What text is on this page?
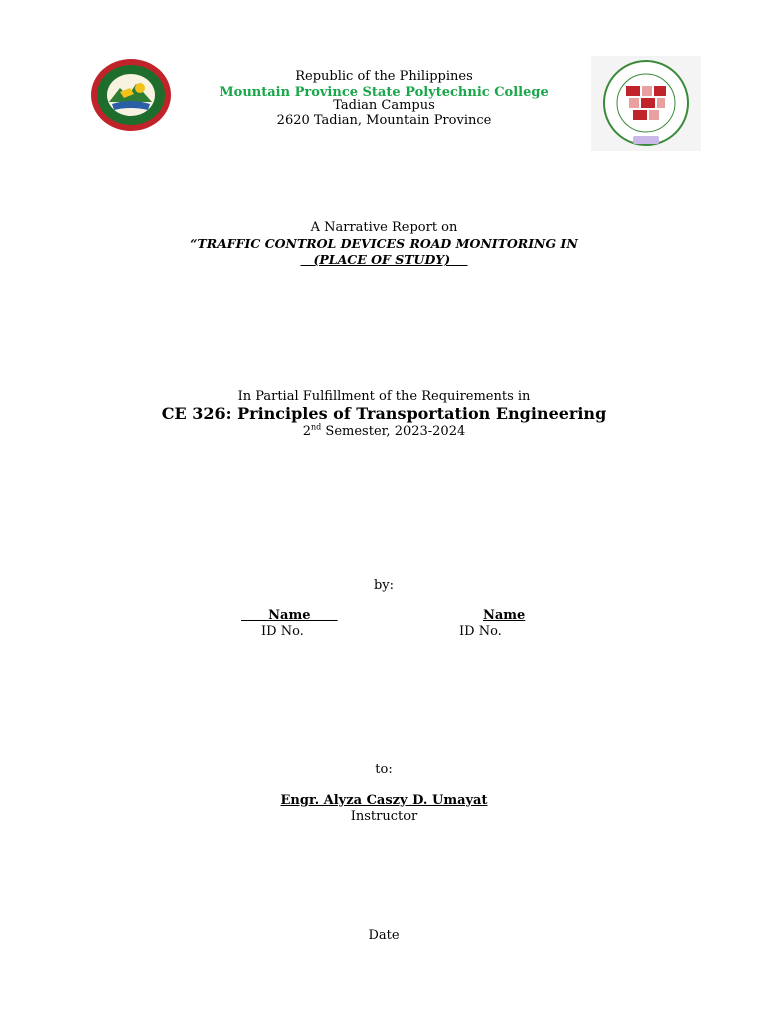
Republic of the Philippines
Mountain Province State Polytechnic College
Tadian Campus
2620 Tadian, Mountain Province
A Narrative Report on
“TRAFFIC CONTROL DEVICES ROAD MONITORING IN
(PLACE OF STUDY)
In Partial Fulfillment of the Requirements in
CE 326: Principles of Transportation Engineering
2nd Semester, 2023-2024
by:
Name
ID No.
Name
ID No.
to:
Engr. Alyza Caszy D. Umayat
Instructor
Date
